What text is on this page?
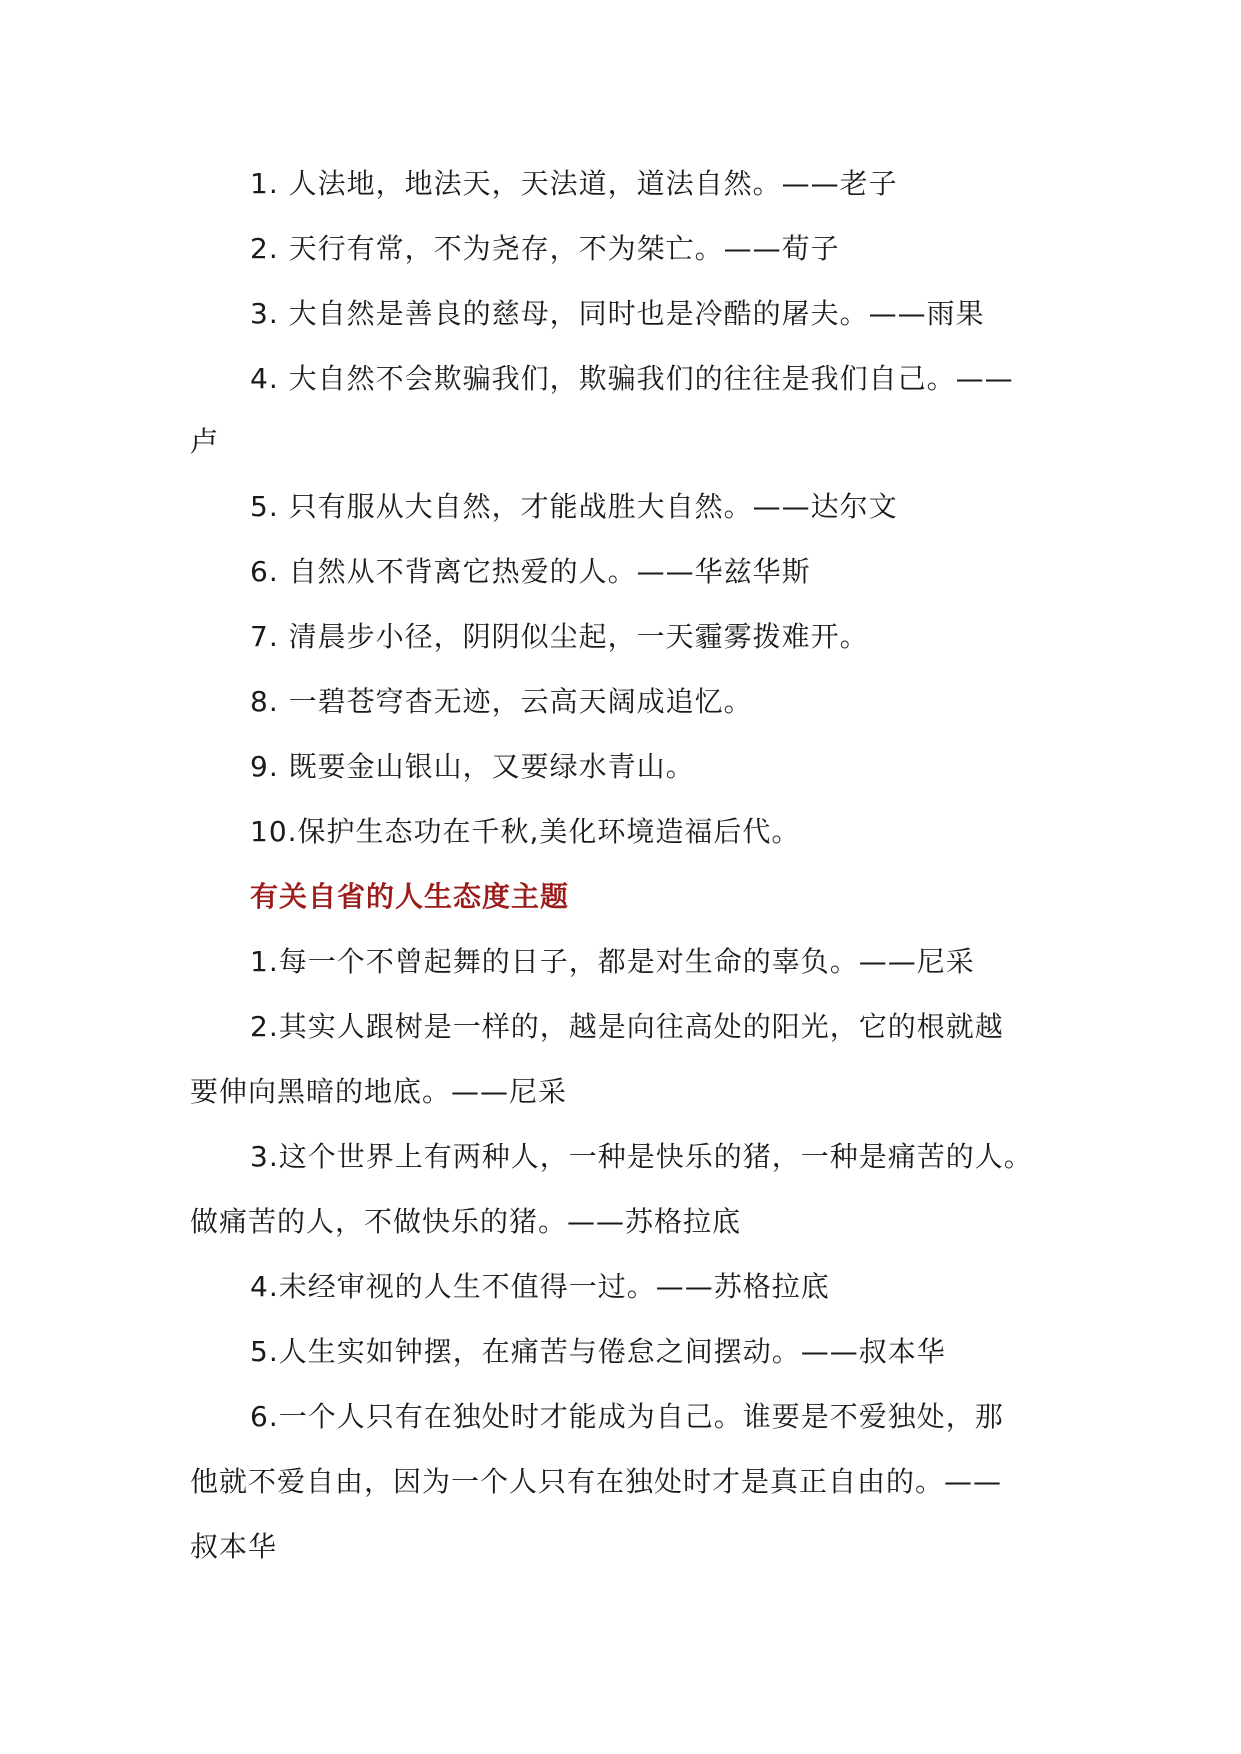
1. 人法地，地法天，天法道，道法自然。——老子
2. 天行有常，不为尧存，不为桀亡。——荀子
3. 大自然是善良的慈母，同时也是冷酷的屠夫。——雨果
4. 大自然不会欺骗我们，欺骗我们的往往是我们自己。——
卢
5. 只有服从大自然，才能战胜大自然。——达尔文
6. 自然从不背离它热爱的人。——华兹华斯
7. 清晨步小径，阴阴似尘起，一天霾雾拨难开。
8. 一碧苍穹杳无迹，云高天阔成追忆。
9. 既要金山银山，又要绿水青山。
10.保护生态功在千秋,美化环境造福后代。
有关自省的人生态度主题
1.每一个不曾起舞的日子，都是对生命的辜负。——尼采
2.其实人跟树是一样的，越是向往高处的阳光，它的根就越
要伸向黑暗的地底。——尼采
3.这个世界上有两种人，一种是快乐的猪，一种是痛苦的人。
做痛苦的人，不做快乐的猪。——苏格拉底
4.未经审视的人生不值得一过。——苏格拉底
5.人生实如钟摆，在痛苦与倦怠之间摆动。——叔本华
6.一个人只有在独处时才能成为自己。谁要是不爱独处，那
他就不爱自由，因为一个人只有在独处时才是真正自由的。——
叔本华
